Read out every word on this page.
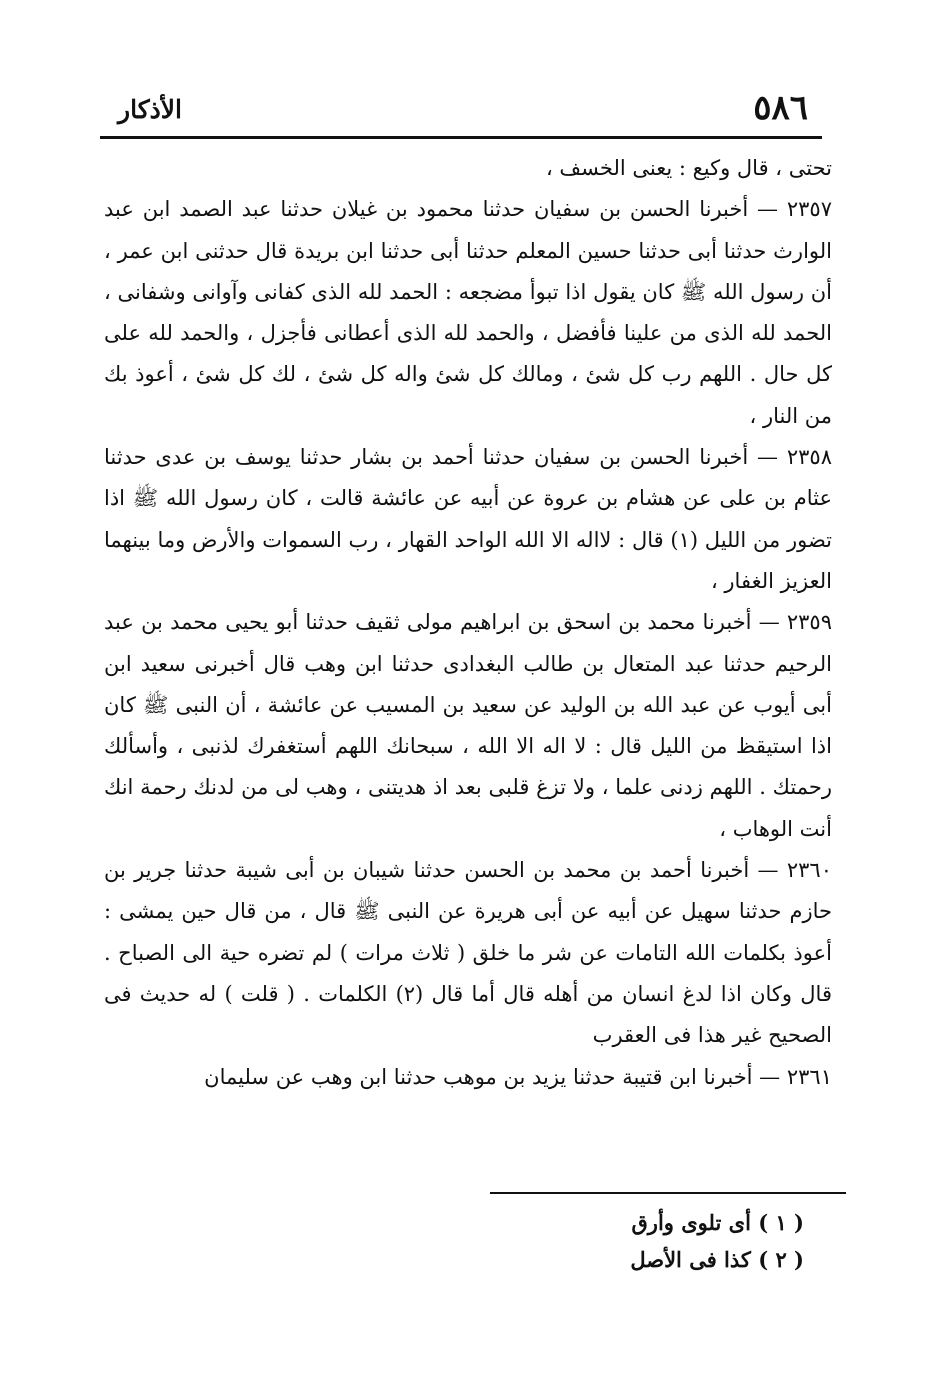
٥٨٦
الأذكار

تحتى ، قال وكيع : يعنى الخسف ،

٢٣٥٧ — أخبرنا الحسن بن سفيان حدثنا محمود بن غيلان حدثنا عبد الصمد ابن عبد الوارث حدثنا أبى حدثنا حسين المعلم حدثنا أبى حدثنا ابن بريدة قال حدثنى ابن عمر ، أن رسول الله ﷺ كان يقول اذا تبوأ مضجعه : الحمد لله الذى كفانى وآوانى وشفانى ، الحمد لله الذى من علينا فأفضل ، والحمد لله الذى أعطانى فأجزل ، والحمد لله على كل حال . اللهم رب كل شئ ، ومالك كل شئ واله كل شئ ، لك كل شئ ، أعوذ بك من النار ،

٢٣٥٨ — أخبرنا الحسن بن سفيان حدثنا أحمد بن بشار حدثنا يوسف بن عدى حدثنا عثام بن على عن هشام بن عروة عن أبيه عن عائشة قالت ، كان رسول الله ﷺ اذا تضور من الليل (١) قال : لااله الا الله الواحد القهار ، رب السموات والأرض وما بينهما العزيز الغفار ،

٢٣٥٩ — أخبرنا محمد بن اسحق بن ابراهيم مولى ثقيف حدثنا أبو يحيى محمد بن عبد الرحيم حدثنا عبد المتعال بن طالب البغدادى حدثنا ابن وهب قال أخبرنى سعيد ابن أبى أيوب عن عبد الله بن الوليد عن سعيد بن المسيب عن عائشة ، أن النبى ﷺ كان اذا استيقظ من الليل قال : لا اله الا الله ، سبحانك اللهم أستغفرك لذنبى ، وأسألك رحمتك . اللهم زدنى علما ، ولا تزغ قلبى بعد اذ هديتنى ، وهب لى من لدنك رحمة انك أنت الوهاب ،

٢٣٦٠ — أخبرنا أحمد بن محمد بن الحسن حدثنا شيبان بن أبى شيبة حدثنا جرير بن حازم حدثنا سهيل عن أبيه عن أبى هريرة عن النبى ﷺ قال ، من قال حين يمشى : أعوذ بكلمات الله التامات عن شر ما خلق ( ثلاث مرات ) لم تضره حية الى الصباح . قال وكان اذا لدغ انسان من أهله قال أما قال (٢) الكلمات . ( قلت ) له حديث فى الصحيح غير هذا فى العقرب

٢٣٦١ — أخبرنا ابن قتيبة حدثنا يزيد بن موهب حدثنا ابن وهب عن سليمان

( ١ ) أى تلوى وأرق
( ٢ ) كذا فى الأصل
